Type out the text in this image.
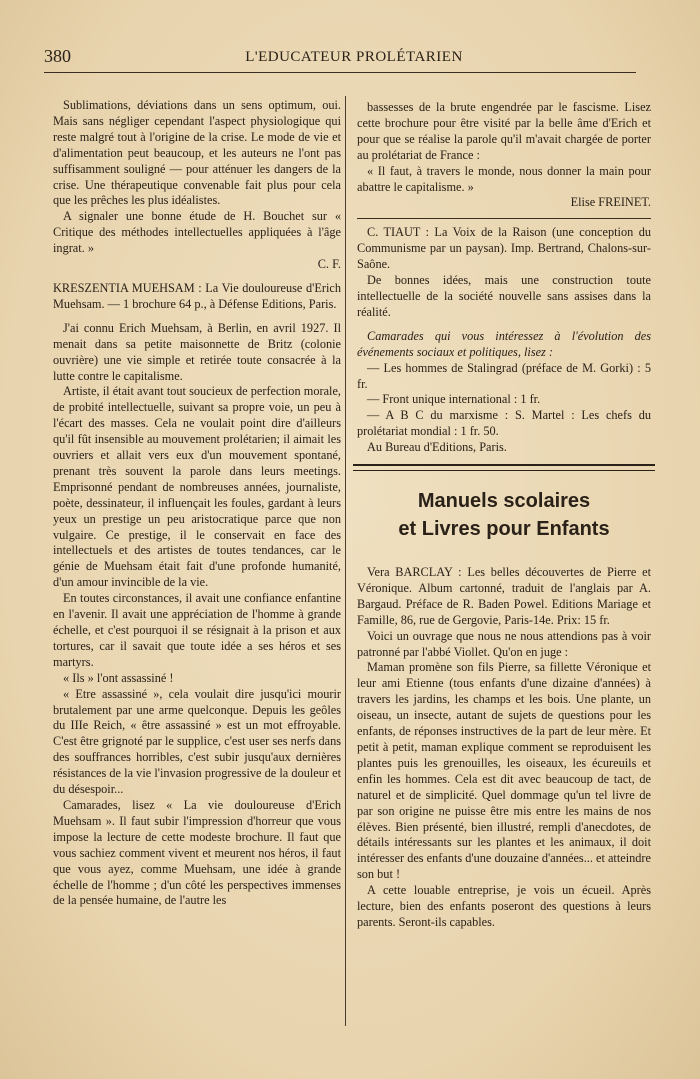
380	L'EDUCATEUR PROLÉTARIEN

Sublimations, déviations dans un sens optimum, oui. Mais sans négliger cependant l'aspect physiologique qui reste malgré tout à l'origine de la crise. Le mode de vie et d'alimentation peut beaucoup, et les auteurs ne l'ont pas suffisamment souligné — pour atténuer les dangers de la crise. Une thérapeutique convenable fait plus pour cela que les prêches les plus idéalistes.

A signaler une bonne étude de H. Bouchet sur « Critique des méthodes intellectuelles appliquées à l'âge ingrat. »

C. F.

KRESZENTIA MUEHSAM : La Vie douloureuse d'Erich Muehsam. — 1 brochure 64 p., à Défense Editions, Paris.

J'ai connu Erich Muehsam, à Berlin, en avril 1927. Il menait dans sa petite maisonnette de Britz (colonie ouvrière) une vie simple et retirée toute consacrée à la lutte contre le capitalisme.

Artiste, il était avant tout soucieux de perfection morale, de probité intellectuelle, suivant sa propre voie, un peu à l'écart des masses. Cela ne voulait point dire d'ailleurs qu'il fût insensible au mouvement prolétarien; il aimait les ouvriers et allait vers eux d'un mouvement spontané, prenant très souvent la parole dans leurs meetings. Emprisonné pendant de nombreuses années, journaliste, poète, dessinateur, il influençait les foules, gardant à leurs yeux un prestige un peu aristocratique parce que non vulgaire. Ce prestige, il le conservait en face des intellectuels et des artistes de toutes tendances, car le génie de Muehsam était fait d'une profonde humanité, d'un amour invincible de la vie.

En toutes circonstances, il avait une confiance enfantine en l'avenir. Il avait une appréciation de l'homme à grande échelle, et c'est pourquoi il se résignait à la prison et aux tortures, car il savait que toute idée a ses héros et ses martyrs.

« Ils » l'ont assassiné !

« Etre assassiné », cela voulait dire jusqu'ici mourir brutalement par une arme quelconque. Depuis les geôles du IIIe Reich, « être assassiné » est un mot effroyable. C'est être grignoté par le supplice, c'est user ses nerfs dans des souffrances horribles, c'est subir jusqu'aux dernières résistances de la vie l'invasion progressive de la douleur et du désespoir...

Camarades, lisez « La vie douloureuse d'Erich Muehsam ». Il faut subir l'impression d'horreur que vous impose la lecture de cette modeste brochure. Il faut que vous sachiez comment vivent et meurent nos héros, il faut que vous ayez, comme Muehsam, une idée à grande échelle de l'homme ; d'un côté les perspectives immenses de la pensée humaine, de l'autre les

bassesses de la brute engendrée par le fascisme. Lisez cette brochure pour être visité par la belle âme d'Erich et pour que se réalise la parole qu'il m'avait chargée de porter au prolétariat de France :

« Il faut, à travers le monde, nous donner la main pour abattre le capitalisme. »

Elise FREINET.

C. TIAUT : La Voix de la Raison (une conception du Communisme par un paysan). Imp. Bertrand, Chalons-sur-Saône.

De bonnes idées, mais une construction toute intellectuelle de la société nouvelle sans assises dans la réalité.

Camarades qui vous intéressez à l'évolution des événements sociaux et politiques, lisez :

— Les hommes de Stalingrad (préface de M. Gorki) : 5 fr.

— Front unique international : 1 fr.

— A B C du marxisme : S. Martel : Les chefs du prolétariat mondial : 1 fr. 50.

Au Bureau d'Editions, Paris.

Manuels scolaires
et Livres pour Enfants

Vera BARCLAY : Les belles découvertes de Pierre et Véronique. Album cartonné, traduit de l'anglais par A. Bargaud. Préface de R. Baden Powel. Editions Mariage et Famille, 86, rue de Gergovie, Paris-14e. Prix: 15 fr.

Voici un ouvrage que nous ne nous attendions pas à voir patronné par l'abbé Viollet. Qu'on en juge :

Maman promène son fils Pierre, sa fillette Véronique et leur ami Etienne (tous enfants d'une dizaine d'années) à travers les jardins, les champs et les bois. Une plante, un oiseau, un insecte, autant de sujets de questions pour les enfants, de réponses instructives de la part de leur mère. Et petit à petit, maman explique comment se reproduisent les plantes puis les grenouilles, les oiseaux, les écureuils et enfin les hommes. Cela est dit avec beaucoup de tact, de naturel et de simplicité. Quel dommage qu'un tel livre de par son origine ne puisse être mis entre les mains de nos élèves. Bien présenté, bien illustré, rempli d'anecdotes, de détails intéressants sur les plantes et les animaux, il doit intéresser des enfants d'une douzaine d'années... et atteindre son but !

A cette louable entreprise, je vois un écueil. Après lecture, bien des enfants poseront des questions à leurs parents. Seront-ils capables.
